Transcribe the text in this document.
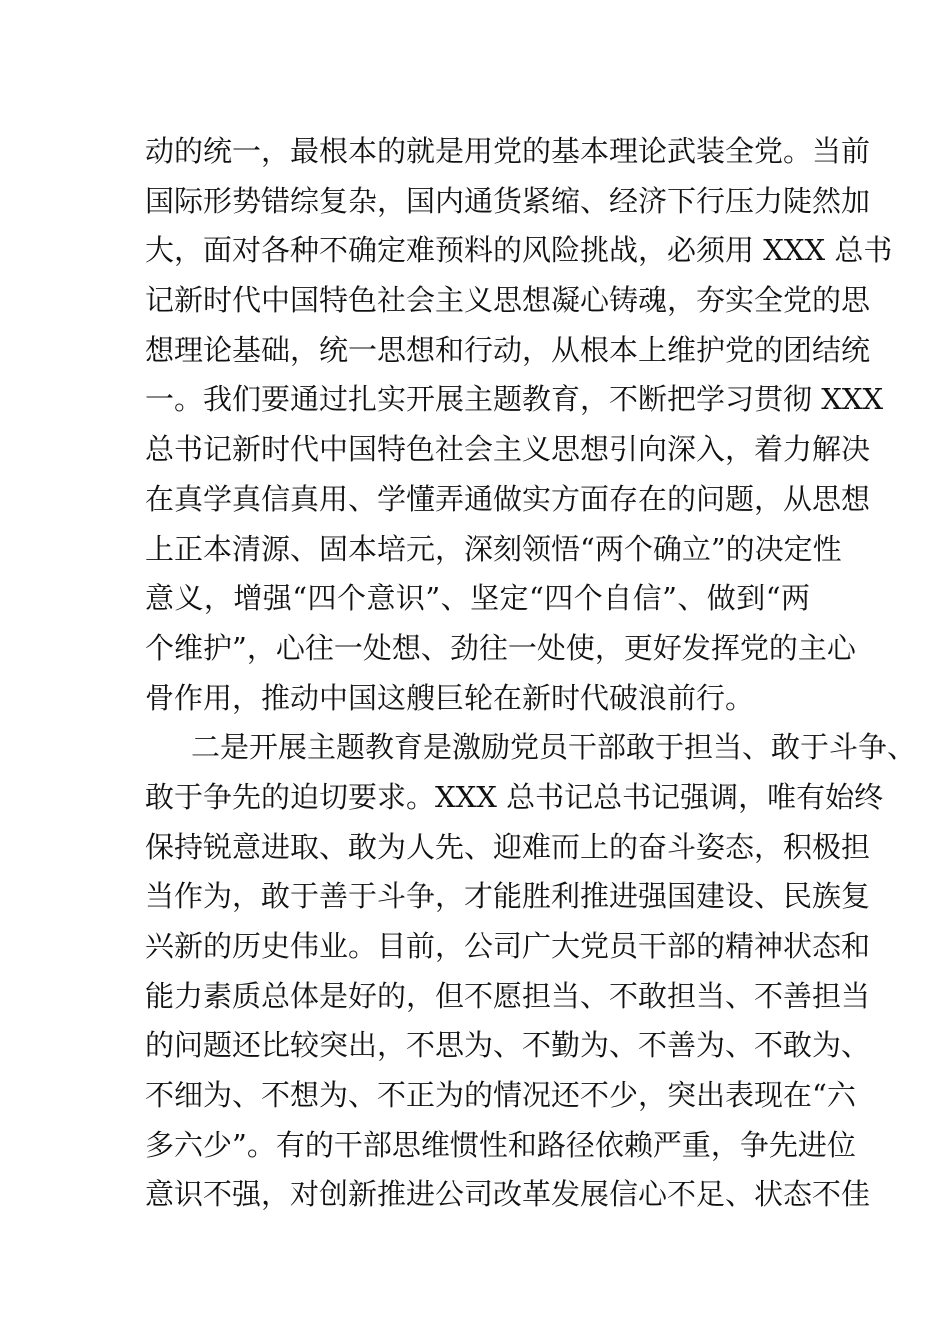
动的统一，最根本的就是用党的基本理论武装全党。当前
国际形势错综复杂，国内通货紧缩、经济下行压力陡然加
大，面对各种不确定难预料的风险挑战，必须用 XXX 总书
记新时代中国特色社会主义思想凝心铸魂，夯实全党的思
想理论基础，统一思想和行动，从根本上维护党的团结统
一。我们要通过扎实开展主题教育，不断把学习贯彻 XXX
总书记新时代中国特色社会主义思想引向深入，着力解决
在真学真信真用、学懂弄通做实方面存在的问题，从思想
上正本清源、固本培元，深刻领悟“两个确立”的决定性
意义，增强“四个意识”、坚定“四个自信”、做到“两
个维护”，心往一处想、劲往一处使，更好发挥党的主心
骨作用，推动中国这艘巨轮在新时代破浪前行。
二是开展主题教育是激励党员干部敢于担当、敢于斗争、
敢于争先的迫切要求。XXX 总书记总书记强调，唯有始终
保持锐意进取、敢为人先、迎难而上的奋斗姿态，积极担
当作为，敢于善于斗争，才能胜利推进强国建设、民族复
兴新的历史伟业。目前，公司广大党员干部的精神状态和
能力素质总体是好的，但不愿担当、不敢担当、不善担当
的问题还比较突出，不思为、不勤为、不善为、不敢为、
不细为、不想为、不正为的情况还不少，突出表现在“六
多六少”。有的干部思维惯性和路径依赖严重，争先进位
意识不强，对创新推进公司改革发展信心不足、状态不佳
